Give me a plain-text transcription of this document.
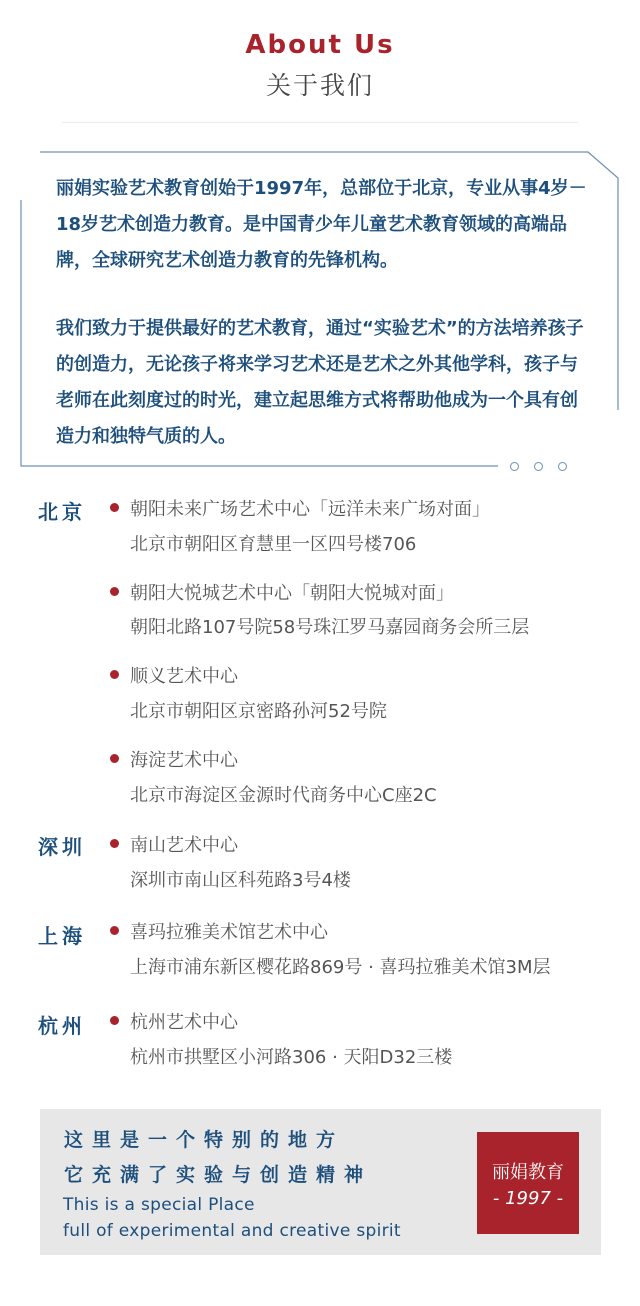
About Us
关于我们
丽娟实验艺术教育创始于1997年，总部位于北京，专业从事4岁－18岁艺术创造力教育。是中国青少年儿童艺术教育领域的高端品牌，全球研究艺术创造力教育的先锋机构。
我们致力于提供最好的艺术教育，通过“实验艺术”的方法培养孩子的创造力，无论孩子将来学习艺术还是艺术之外其他学科，孩子与老师在此刻度过的时光，建立起思维方式将帮助他成为一个具有创造力和独特气质的人。
北京 朝阳未来广场艺术中心「远洋未来广场对面」
北京市朝阳区育慧里一区四号楼706
朝阳大悦城艺术中心「朝阳大悦城对面」
朝阳北路107号院58号珠江罗马嘉园商务会所三层
顺义艺术中心
北京市朝阳区京密路孙河52号院
海淀艺术中心
北京市海淀区金源时代商务中心C座2C
深圳 南山艺术中心
深圳市南山区科苑路3号4楼
上海 喜玛拉雅美术馆艺术中心
上海市浦东新区樱花路869号 · 喜玛拉雅美术馆3M层
杭州 杭州艺术中心
杭州市拱墅区小河路306 · 天阳D32三楼
这里是一个特别的地方
它充满了实验与创造精神
This is a special Place
full of experimental and creative spirit
丽娟教育
- 1997 -
